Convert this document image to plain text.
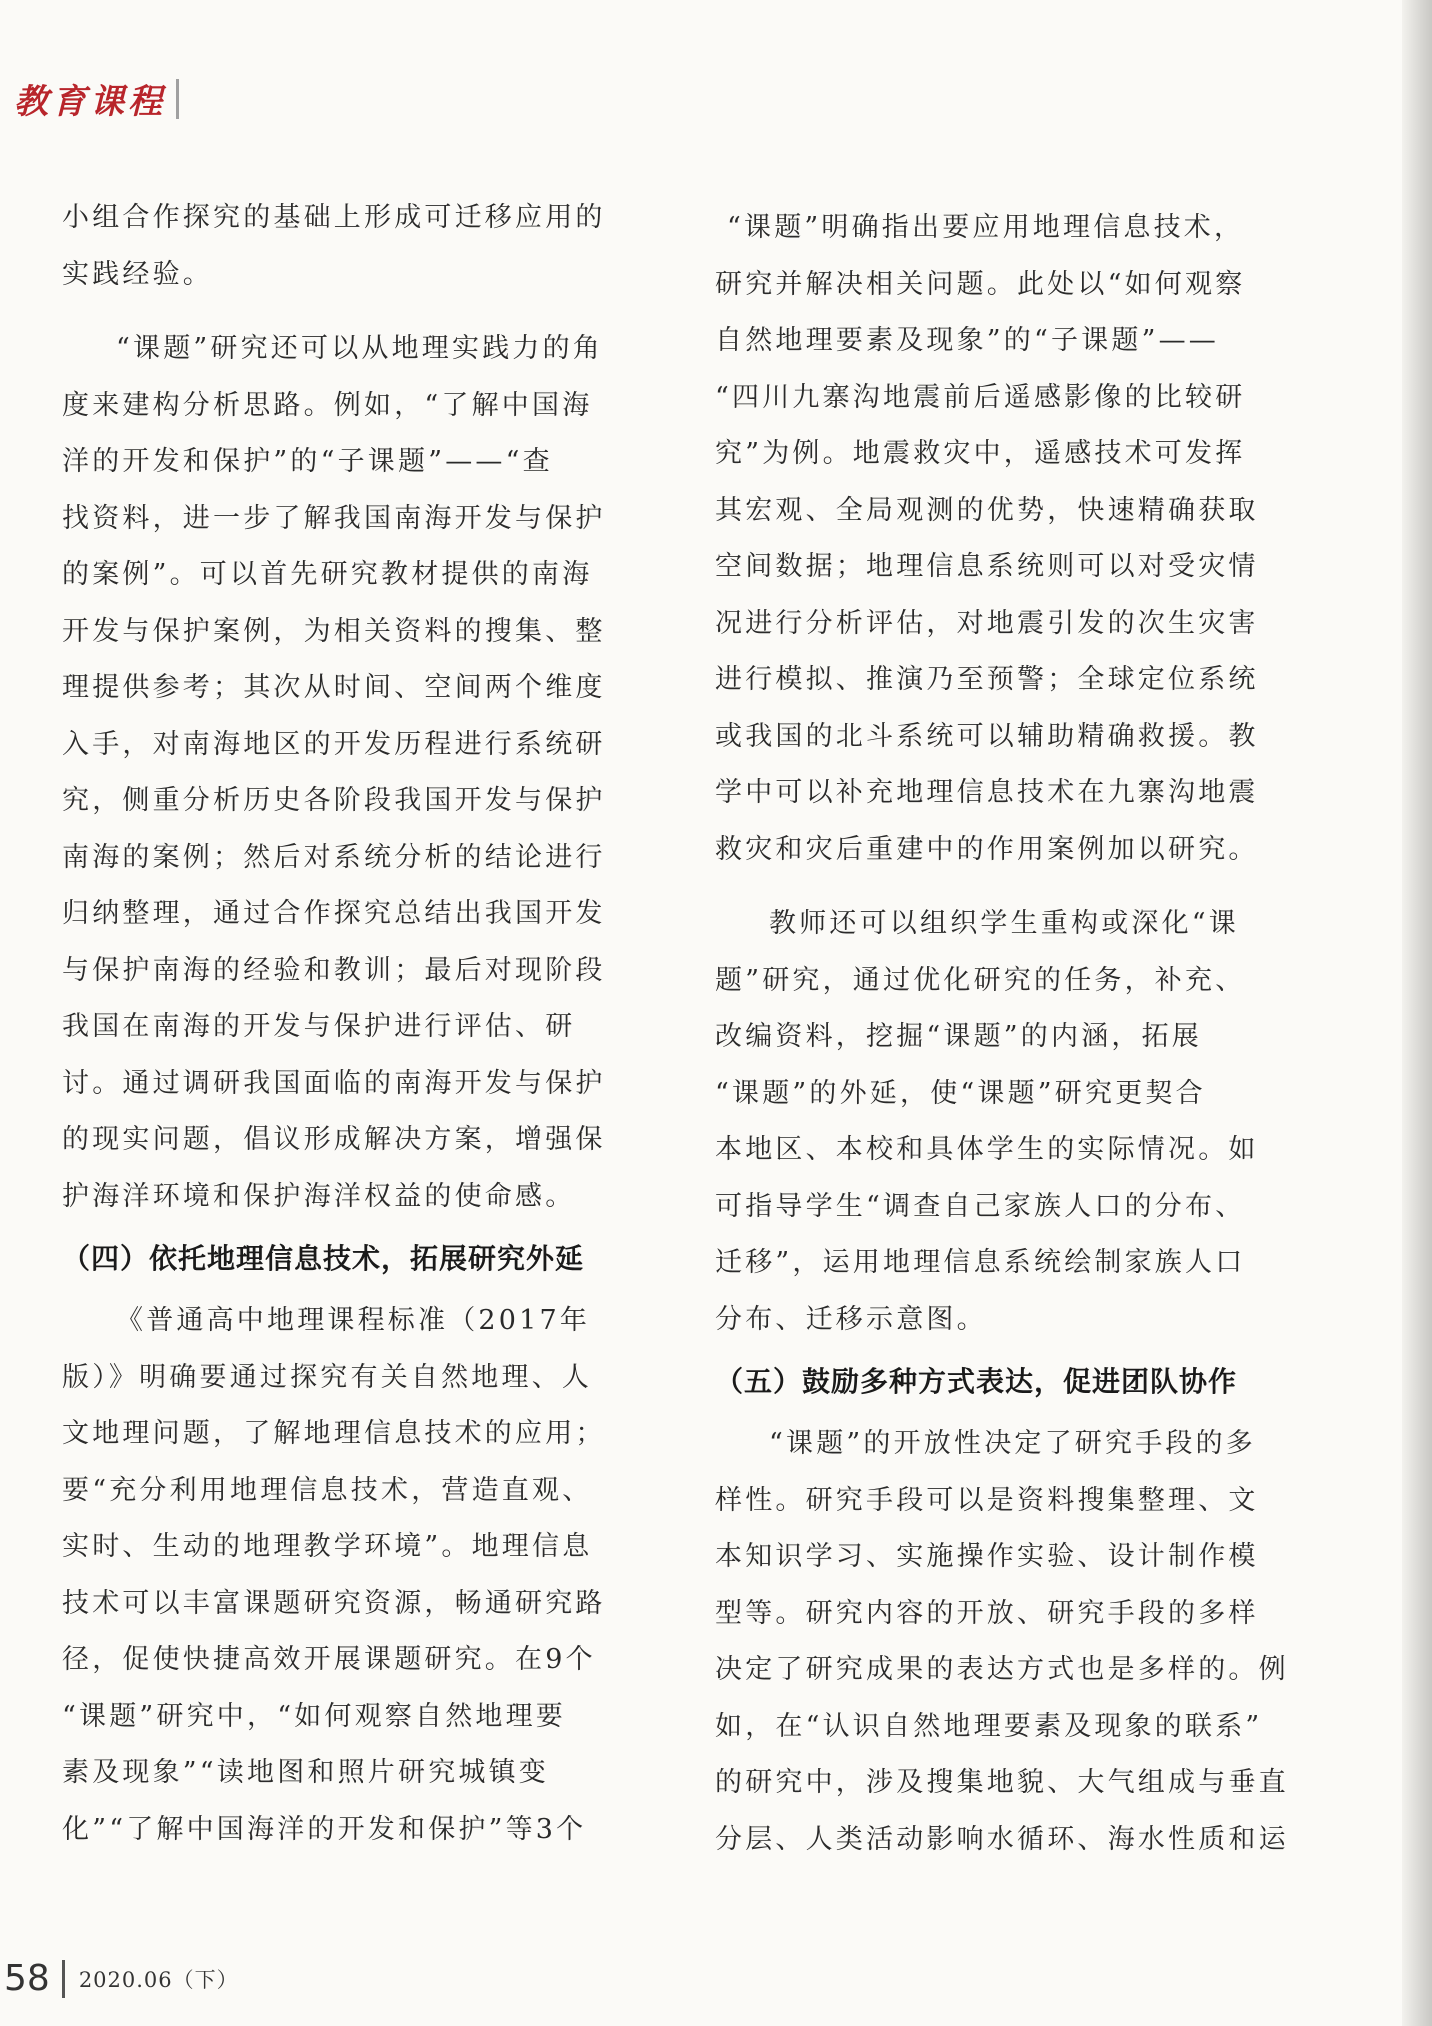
教育课程

小组合作探究的基础上形成可迁移应用的
实践经验。

“课题”研究还可以从地理实践力的角
度来建构分析思路。例如，“了解中国海
洋的开发和保护”的“子课题”——“查
找资料，进一步了解我国南海开发与保护
的案例”。可以首先研究教材提供的南海
开发与保护案例，为相关资料的搜集、整
理提供参考；其次从时间、空间两个维度
入手，对南海地区的开发历程进行系统研
究，侧重分析历史各阶段我国开发与保护
南海的案例；然后对系统分析的结论进行
归纳整理，通过合作探究总结出我国开发
与保护南海的经验和教训；最后对现阶段
我国在南海的开发与保护进行评估、研
讨。通过调研我国面临的南海开发与保护
的现实问题，倡议形成解决方案，增强保
护海洋环境和保护海洋权益的使命感。

（四）依托地理信息技术，拓展研究外延

《普通高中地理课程标准（2017年
版）》明确要通过探究有关自然地理、人
文地理问题，了解地理信息技术的应用；
要“充分利用地理信息技术，营造直观、
实时、生动的地理教学环境”。地理信息
技术可以丰富课题研究资源，畅通研究路
径，促使快捷高效开展课题研究。在9个
“课题”研究中，“如何观察自然地理要
素及现象”“读地图和照片研究城镇变
化”“了解中国海洋的开发和保护”等3个

“课题”明确指出要应用地理信息技术，
研究并解决相关问题。此处以“如何观察
自然地理要素及现象”的“子课题”——
“四川九寨沟地震前后遥感影像的比较研
究”为例。地震救灾中，遥感技术可发挥
其宏观、全局观测的优势，快速精确获取
空间数据；地理信息系统则可以对受灾情
况进行分析评估，对地震引发的次生灾害
进行模拟、推演乃至预警；全球定位系统
或我国的北斗系统可以辅助精确救援。教
学中可以补充地理信息技术在九寨沟地震
救灾和灾后重建中的作用案例加以研究。

教师还可以组织学生重构或深化“课
题”研究，通过优化研究的任务，补充、
改编资料，挖掘“课题”的内涵，拓展
“课题”的外延，使“课题”研究更契合
本地区、本校和具体学生的实际情况。如
可指导学生“调查自己家族人口的分布、
迁移”，运用地理信息系统绘制家族人口
分布、迁移示意图。

（五）鼓励多种方式表达，促进团队协作

“课题”的开放性决定了研究手段的多
样性。研究手段可以是资料搜集整理、文
本知识学习、实施操作实验、设计制作模
型等。研究内容的开放、研究手段的多样
决定了研究成果的表达方式也是多样的。例
如，在“认识自然地理要素及现象的联系”
的研究中，涉及搜集地貌、大气组成与垂直
分层、人类活动影响水循环、海水性质和运

58 2020.06（下）
